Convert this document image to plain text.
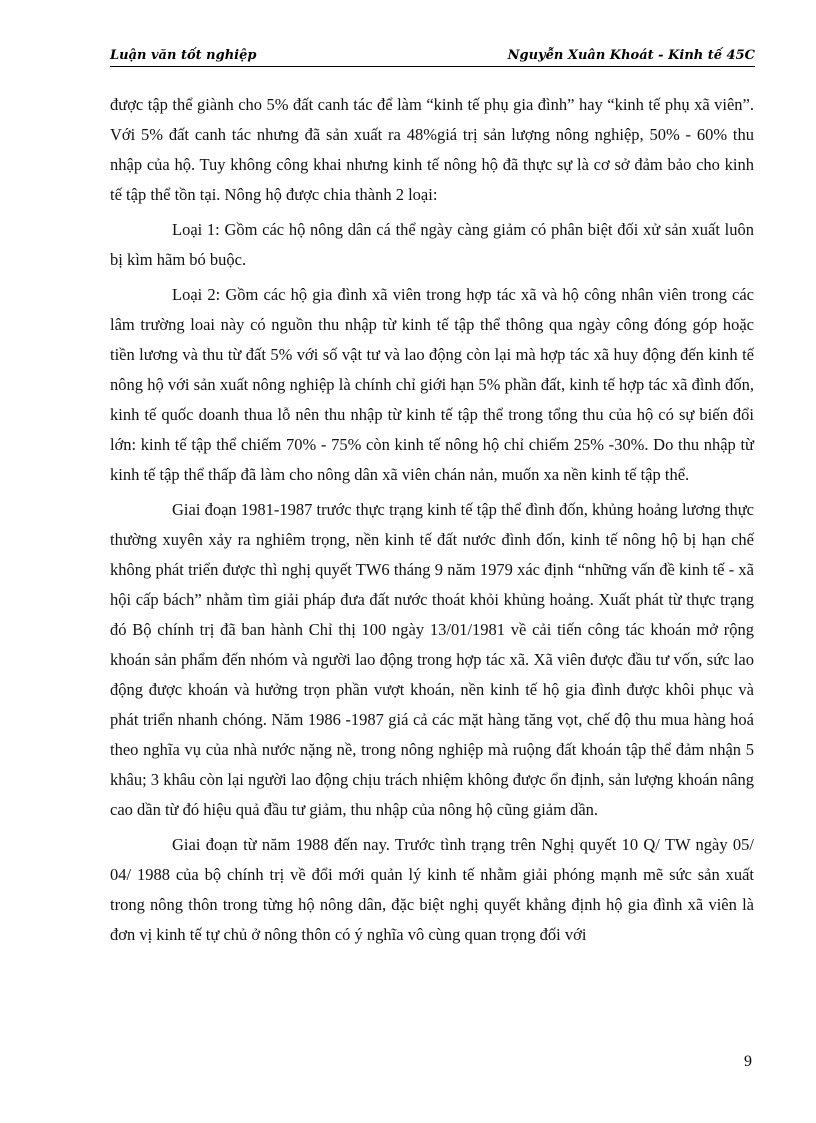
Luận văn tốt nghiệp	Nguyễn Xuân Khoát - Kinh tế 45C

được tập thể giành cho 5% đất canh tác để làm “kinh tế phụ gia đình” hay “kinh tế phụ xã viên”. Với 5% đất canh tác nhưng đã sản xuất ra 48%giá trị sản lượng nông nghiệp, 50% - 60% thu nhập của hộ. Tuy không công khai nhưng kinh tế nông hộ đã thực sự là cơ sở đảm bảo cho kinh tế tập thể tồn tại. Nông hộ được chia thành 2 loại:

Loại 1: Gồm các hộ nông dân cá thể ngày càng giảm có phân biệt đối xử sản xuất luôn bị kìm hãm bó buộc.

Loại 2: Gồm các hộ gia đình xã viên trong hợp tác xã và hộ công nhân viên trong các lâm trường loai này có nguồn thu nhập từ kinh tế tập thể thông qua ngày công đóng góp hoặc tiền lương và thu từ đất 5% với số vật tư và lao động còn lại mà hợp tác xã huy động đến kinh tế nông hộ với sản xuất nông nghiệp là chính chỉ giới hạn 5% phần đất, kinh tế hợp tác xã đình đốn, kinh tế quốc doanh thua lỗ nên thu nhập từ kinh tế tập thể trong tổng thu của hộ có sự biến đổi lớn: kinh tế tập thể chiếm 70% - 75% còn kinh tế nông hộ chỉ chiếm 25% -30%. Do thu nhập từ kinh tế tập thể thấp đã làm cho nông dân xã viên chán nản, muốn xa nền kinh tế tập thể.

Giai đoạn 1981-1987 trước thực trạng kinh tế tập thể đình đốn, khủng hoảng lương thực thường xuyên xảy ra nghiêm trọng, nền kinh tế đất nước đình đốn, kinh tế nông hộ bị hạn chế không phát triển được thì nghị quyết TW6 tháng 9 năm 1979 xác định “những vấn đề kinh tế - xã hội cấp bách” nhằm tìm giải pháp đưa đất nước thoát khỏi khủng hoảng. Xuất phát từ thực trạng đó Bộ chính trị đã ban hành Chỉ thị 100 ngày 13/01/1981 về cải tiến công tác khoán mở rộng khoán sản phẩm đến nhóm và người lao động trong hợp tác xã. Xã viên được đầu tư vốn, sức lao động được khoán và hưởng trọn phần vượt khoán, nền kinh tế hộ gia đình được khôi phục và phát triển nhanh chóng. Năm 1986 -1987 giá cả các mặt hàng tăng vọt, chế độ thu mua hàng hoá theo nghĩa vụ của nhà nước nặng nề, trong nông nghiệp mà ruộng đất khoán tập thể đảm nhận 5 khâu; 3 khâu còn lại người lao động chịu trách nhiệm không được ổn định, sản lượng khoán nâng cao dần từ đó hiệu quả đầu tư giảm, thu nhập của nông hộ cũng giảm dần.

Giai đoạn từ năm 1988 đến nay. Trước tình trạng trên Nghị quyết 10 Q/ TW ngày 05/ 04/ 1988 của bộ chính trị về đổi mới quản lý kinh tế nhằm giải phóng mạnh mẽ sức sản xuất trong nông thôn trong từng hộ nông dân, đặc biệt nghị quyết khẳng định hộ gia đình xã viên là đơn vị kinh tế tự chủ ở nông thôn có ý nghĩa vô cùng quan trọng đối với

9
